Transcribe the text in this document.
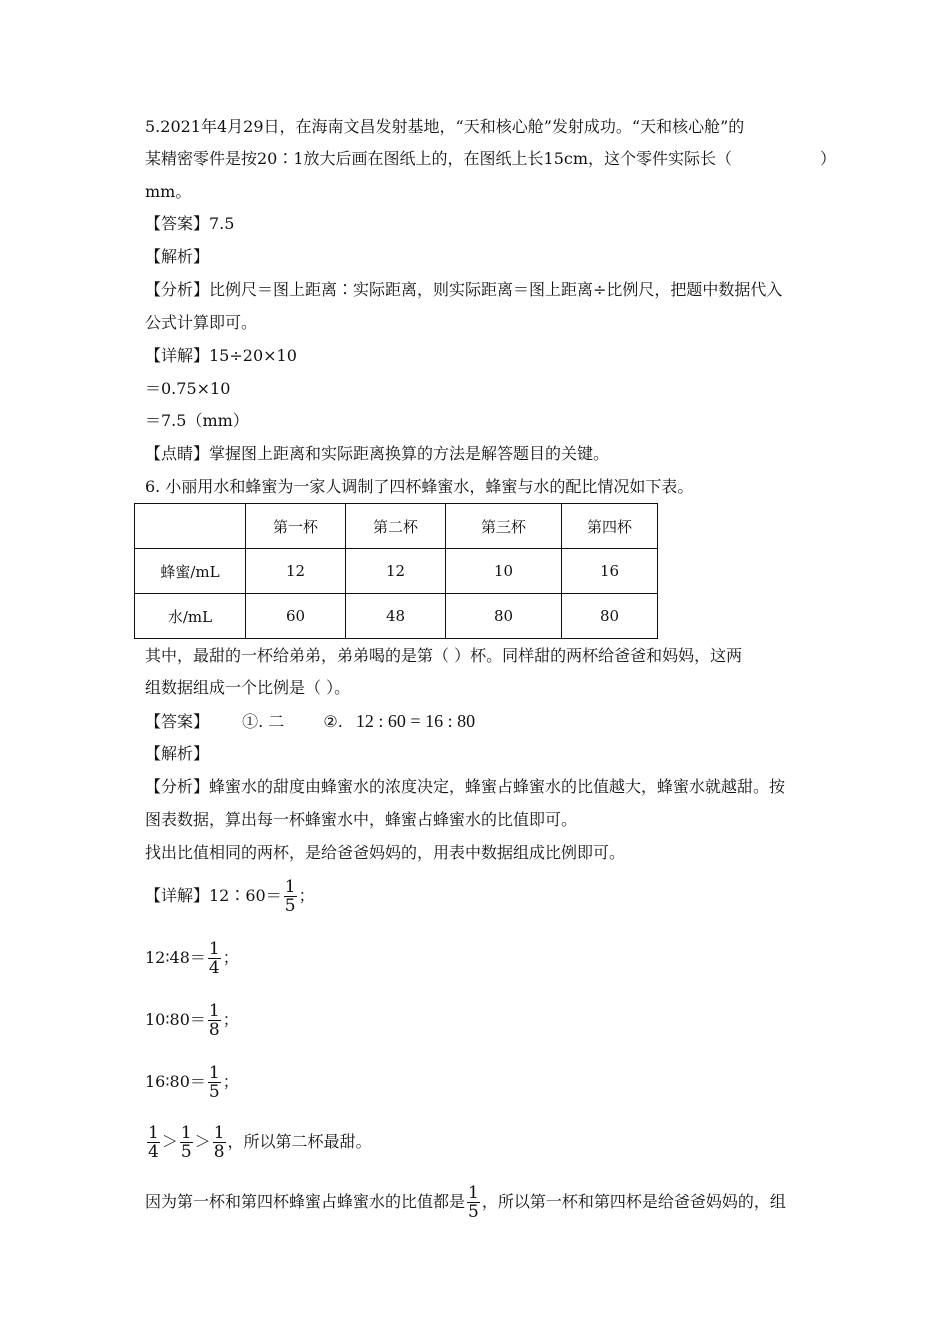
5.2021年4月29日，在海南文昌发射基地，“天和核心舱”发射成功。“天和核心舱”的
某精密零件是按20∶1放大后画在图纸上的，在图纸上长15cm，这个零件实际长（	）
mm。
【答案】7.5
【解析】
【分析】比例尺＝图上距离∶实际距离，则实际距离＝图上距离÷比例尺，把题中数据代入
公式计算即可。
【详解】15÷20×10
＝0.75×10
＝7.5（mm）
【点睛】掌握图上距离和实际距离换算的方法是解答题目的关键。
6. 小丽用水和蜂蜜为一家人调制了四杯蜂蜜水，蜂蜜与水的配比情况如下表。
	第一杯	第二杯	第三杯	第四杯
蜂蜜/mL	12	12	10	16
水/mL	60	48	80	80
其中，最甜的一杯给弟弟，弟弟喝的是第（ ）杯。同样甜的两杯给爸爸和妈妈，这两
组数据组成一个比例是（ ）。
【答案】 ①. 二 ②. 12 : 60 = 16 : 80
【解析】
【分析】蜂蜜水的甜度由蜂蜜水的浓度决定，蜂蜜占蜂蜜水的比值越大，蜂蜜水就越甜。按
图表数据，算出每一杯蜂蜜水中，蜂蜜占蜂蜜水的比值即可。
找出比值相同的两杯，是给爸爸妈妈的，用表中数据组成比例即可。
【详解】12∶60＝ $\frac{1}{5}$ ；
12∶48＝ $\frac{1}{4}$ ；
10∶80＝ $\frac{1}{8}$ ；
16∶80＝ $\frac{1}{5}$ ；
$\frac{1}{4} > \frac{1}{5} > \frac{1}{8}$ ，所以第二杯最甜。
因为第一杯和第四杯蜂蜜占蜂蜜水的比值都是 $\frac{1}{5}$ ，所以第一杯和第四杯是给爸爸妈妈的，组
